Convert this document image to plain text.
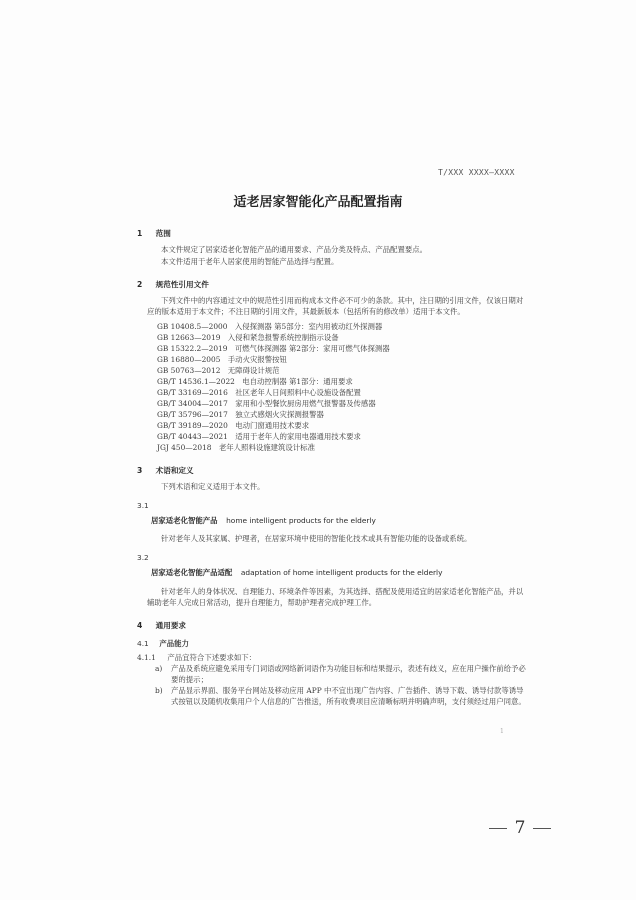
T/XXX XXXX—XXXX
适老居家智能化产品配置指南
1 范围

本文件规定了居家适老化智能产品的通用要求、产品分类及特点、产品配置要点。

本文件适用于老年人居家使用的智能产品选择与配置。

2 规范性引用文件

下列文件中的内容通过文中的规范性引用而构成本文件必不可少的条款。其中，注日期的引用文件，仅该日期对应的版本适用于本文件；不注日期的引用文件，其最新版本（包括所有的修改单）适用于本文件。

GB 10408.5—2000　入侵探测器 第5部分：室内用被动红外探测器
GB 12663—2019　入侵和紧急报警系统控制指示设备
GB 15322.2—2019　可燃气体探测器 第2部分：家用可燃气体探测器
GB 16880—2005　手动火灾报警按钮
GB 50763—2012　无障碍设计规范
GB/T 14536.1—2022　电自动控制器 第1部分：通用要求
GB/T 33169—2016　社区老年人日间照料中心设施设备配置
GB/T 34004—2017　家用和小型餐饮厨房用燃气报警器及传感器
GB/T 35796—2017　独立式感烟火灾探测报警器
GB/T 39189—2020　电动门窗通用技术要求
GB/T 40443—2021　适用于老年人的家用电器通用技术要求
JGJ 450—2018　老年人照料设施建筑设计标准
3 术语和定义

下列术语和定义适用于本文件。

3.1
居家适老化智能产品 home intelligent products for the elderly

针对老年人及其家属、护理者，在居家环境中使用的智能化技术或具有智能功能的设备或系统。

3.2
居家适老化智能产品适配 adaptation of home intelligent products for the elderly

针对老年人的身体状况、自理能力、环境条件等因素，为其选择、搭配及使用适宜的居家适老化智能产品，并以辅助老年人完成日常活动，提升自理能力，帮助护理者完成护理工作。

4 通用要求
4.1 产品能力
4.1.1 产品宜符合下述要求如下：
a) 产品及系统应避免采用专门词语或网络新词语作为功能目标和结果提示，表述有歧义，应在用户操作前给予必要的提示；
b) 产品显示界面、服务平台网站及移动应用 APP 中不宜出现广告内容、广告插件、诱导下载、诱导付款等诱导式按钮以及随机收集用户个人信息的广告推送，所有收费项目应清晰标明并明确声明，支付须经过用户同意。
1
7
